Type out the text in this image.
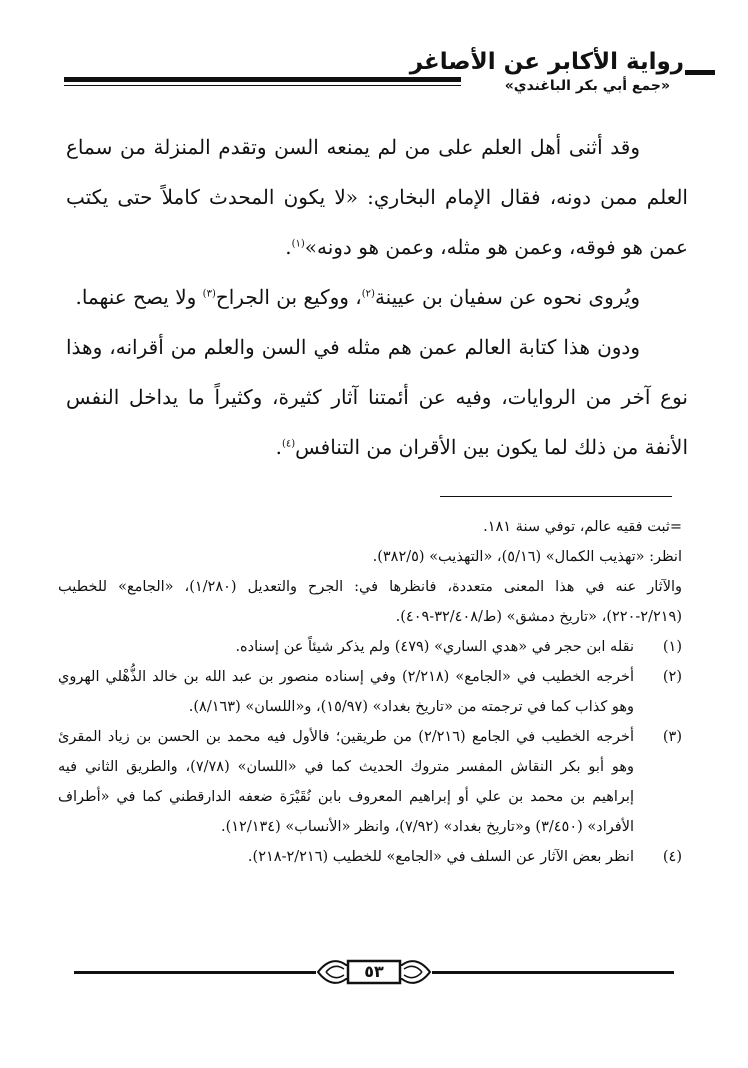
رواية الأكابر عن الأصاغر
«جمع أبي بكر الباغندي»

وقد أثنى أهل العلم على من لم يمنعه السن وتقدم المنزلة من سماع العلم ممن دونه، فقال الإمام البخاري: «لا يكون المحدث كاملاً حتى يكتب عمن هو فوقه، وعمن هو مثله، وعمن هو دونه»$^{(١)}$.

ويُروى نحوه عن سفيان بن عيينة$^{(٢)}$، ووكيع بن الجراح$^{(٣)}$ ولا يصح عنهما.

ودون هذا كتابة العالم عمن هم مثله في السن والعلم من أقرانه، وهذا نوع آخر من الروايات، وفيه عن أئمتنا آثار كثيرة، وكثيراً ما يداخل النفس الأنفة من ذلك لما يكون بين الأقران من التنافس$^{(٤)}$.

=ثبت فقيه عالم، توفي سنة ١٨١.

انظر: «تهذيب الكمال» (٥/١٦)، «التهذيب» (٣٨٢/٥).

والآثار عنه في هذا المعنى متعددة، فانظرها في: الجرح والتعديل (١/٢٨٠)، «الجامع» للخطيب (٢/٢١٩-٢٢٠)، «تاريخ دمشق» (ط/٣٢/٤٠٨-٤٠٩).

(١)
نقله ابن حجر في «هدي الساري» (٤٧٩) ولم يذكر شيئاً عن إسناده.
(٢)
أخرجه الخطيب في «الجامع» (٢/٢١٨) وفي إسناده منصور بن عبد الله بن خالد الذُّهْلي الهروي وهو كذاب كما في ترجمته من «تاريخ بغداد» (١٥/٩٧)، و«اللسان» (٨/١٦٣).
(٣)
أخرجه الخطيب في الجامع (٢/٢١٦) من طريقين؛ فالأول فيه محمد بن الحسن بن زياد المقرئ وهو أبو بكر النقاش المفسر متروك الحديث كما في «اللسان» (٧/٧٨)، والطريق الثاني فيه إبراهيم بن محمد بن علي أو إبراهيم المعروف بابن نُقَيْرَة ضعفه الدارقطني كما في «أطراف الأفراد» (٣/٤٥٠) و«تاريخ بغداد» (٧/٩٢)، وانظر «الأنساب» (١٢/١٣٤).
(٤)
انظر بعض الآثار عن السلف في «الجامع» للخطيب (٢/٢١٦-٢١٨).
٥٣
